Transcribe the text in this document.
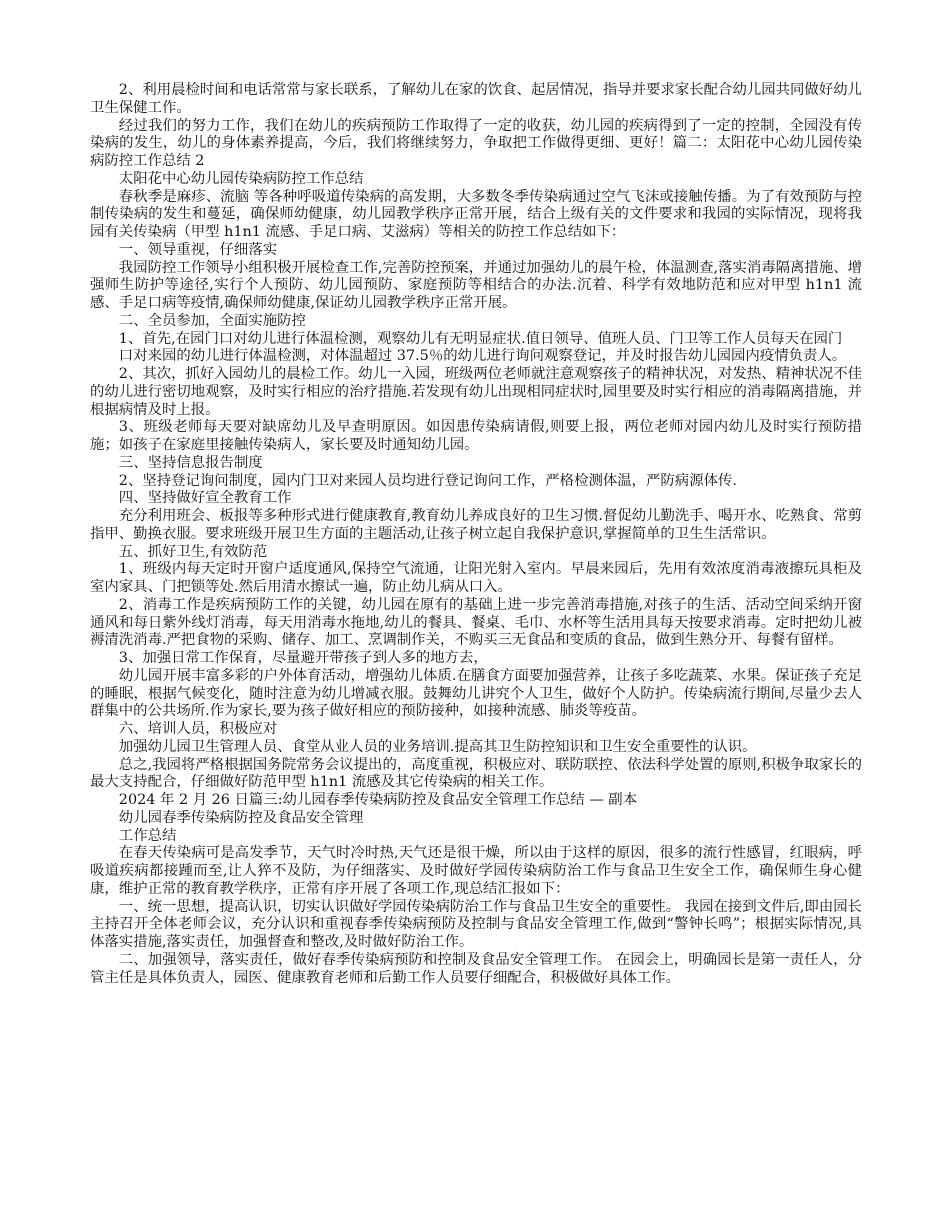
2、利用晨检时间和电话常常与家长联系，了解幼儿在家的饮食、起居情况，指导并要求家长配合幼儿园共同做好幼儿卫生保健工作。

经过我们的努力工作，我们在幼儿的疾病预防工作取得了一定的收获，幼儿园的疾病得到了一定的控制，全园没有传染病的发生，幼儿的身体素养提高，今后，我们将继续努力，争取把工作做得更细、更好！篇二：太阳花中心幼儿园传染病防控工作总结 2

太阳花中心幼儿园传染病防控工作总结

春秋季是麻疹、流脑 等各种呼吸道传染病的高发期，大多数冬季传染病通过空气飞沫或接触传播。为了有效预防与控制传染病的发生和蔓延，确保师幼健康，幼儿园教学秩序正常开展，结合上级有关的文件要求和我园的实际情况，现将我园有关传染病（甲型 h1n1 流感、手足口病、艾滋病）等相关的防控工作总结如下：

一、领导重视，仔细落实

我园防控工作领导小组积极开展检查工作,完善防控预案，并通过加强幼儿的晨午检，体温测查,落实消毒隔离措施、增强师生防护等途径,实行个人预防、幼儿园预防、家庭预防等相结合的办法.沉着、科学有效地防范和应对甲型 h1n1 流感、手足口病等疫情,确保师幼健康,保证幼儿园教学秩序正常开展。

二、全员参加，全面实施防控

1、首先,在园门口对幼儿进行体温检测，观察幼儿有无明显症状.值日领导、值班人员、门卫等工作人员每天在园门

口对来园的幼儿进行体温检测，对体温超过 37.5％的幼儿进行询问观察登记，并及时报告幼儿园园内疫情负责人。

2、其次，抓好入园幼儿的晨检工作。幼儿一入园，班级两位老师就注意观察孩子的精神状况，对发热、精神状况不佳的幼儿进行密切地观察，及时实行相应的治疗措施.若发现有幼儿出现相同症状时,园里要及时实行相应的消毒隔离措施，并根据病情及时上报。

3、班级老师每天要对缺席幼儿及早查明原因。如因患传染病请假,则要上报，两位老师对园内幼儿及时实行预防措施；如孩子在家庭里接触传染病人，家长要及时通知幼儿园。

三、坚持信息报告制度

2、坚持登记询问制度，园内门卫对来园人员均进行登记询问工作，严格检测体温，严防病源体传.

四、坚持做好宣全教育工作

充分利用班会、板报等多种形式进行健康教育,教育幼儿养成良好的卫生习惯.督促幼儿勤洗手、喝开水、吃熟食、常剪指甲、勤换衣服。要求班级开展卫生方面的主题活动,让孩子树立起自我保护意识,掌握简单的卫生生活常识。

五、抓好卫生,有效防范

1、班级内每天定时开窗户适度通风,保持空气流通，让阳光射入室内。早晨来园后，先用有效浓度消毒液擦玩具柜及室内家具、门把锁等处.然后用清水擦试一遍，防止幼儿病从口入。

2、消毒工作是疾病预防工作的关键，幼儿园在原有的基础上进一步完善消毒措施,对孩子的生活、活动空间采纳开窗通风和每日紫外线灯消毒，每天用消毒水拖地,幼儿的餐具、餐桌、毛巾、水杯等生活用具每天按要求消毒。定时把幼儿被褥清洗消毒.严把食物的采购、储存、加工、烹调制作关，不购买三无食品和变质的食品，做到生熟分开、每餐有留样。

3、加强日常工作保育，尽量避开带孩子到人多的地方去，

幼儿园开展丰富多彩的户外体育活动，增强幼儿体质.在膳食方面要加强营养，让孩子多吃蔬菜、水果。保证孩子充足的睡眠，根据气候变化，随时注意为幼儿增减衣服。鼓舞幼儿讲究个人卫生，做好个人防护。传染病流行期间,尽量少去人群集中的公共场所.作为家长,要为孩子做好相应的预防接种，如接种流感、肺炎等疫苗。

六、培训人员，积极应对

加强幼儿园卫生管理人员、食堂从业人员的业务培训.提高其卫生防控知识和卫生安全重要性的认识。

总之,我园将严格根据国务院常务会议提出的，高度重视，积极应对、联防联控、依法科学处置的原则,积极争取家长的最大支持配合，仔细做好防范甲型 h1n1 流感及其它传染病的相关工作。

2024 年 2 月 26 日篇三:幼儿园春季传染病防控及食品安全管理工作总结 — 副本

幼儿园春季传染病防控及食品安全管理

工作总结

在春天传染病可是高发季节，天气时冷时热,天气还是很干燥，所以由于这样的原因，很多的流行性感冒，红眼病，呼吸道疾病都接踵而至,让人猝不及防，为仔细落实、及时做好学园传染病防治工作与食品卫生安全工作，确保师生身心健康，维护正常的教育教学秩序，正常有序开展了各项工作,现总结汇报如下：

一、统一思想，提高认识，切实认识做好学园传染病防治工作与食品卫生安全的重要性。 我园在接到文件后,即由园长主持召开全体老师会议，充分认识和重视春季传染病预防及控制与食品安全管理工作,做到“警钟长鸣”；根据实际情况,具体落实措施,落实责任，加强督查和整改,及时做好防治工作。

二、加强领导，落实责任，做好春季传染病预防和控制及食品安全管理工作。 在园会上，明确园长是第一责任人，分管主任是具体负责人，园医、健康教育老师和后勤工作人员要仔细配合，积极做好具体工作。
